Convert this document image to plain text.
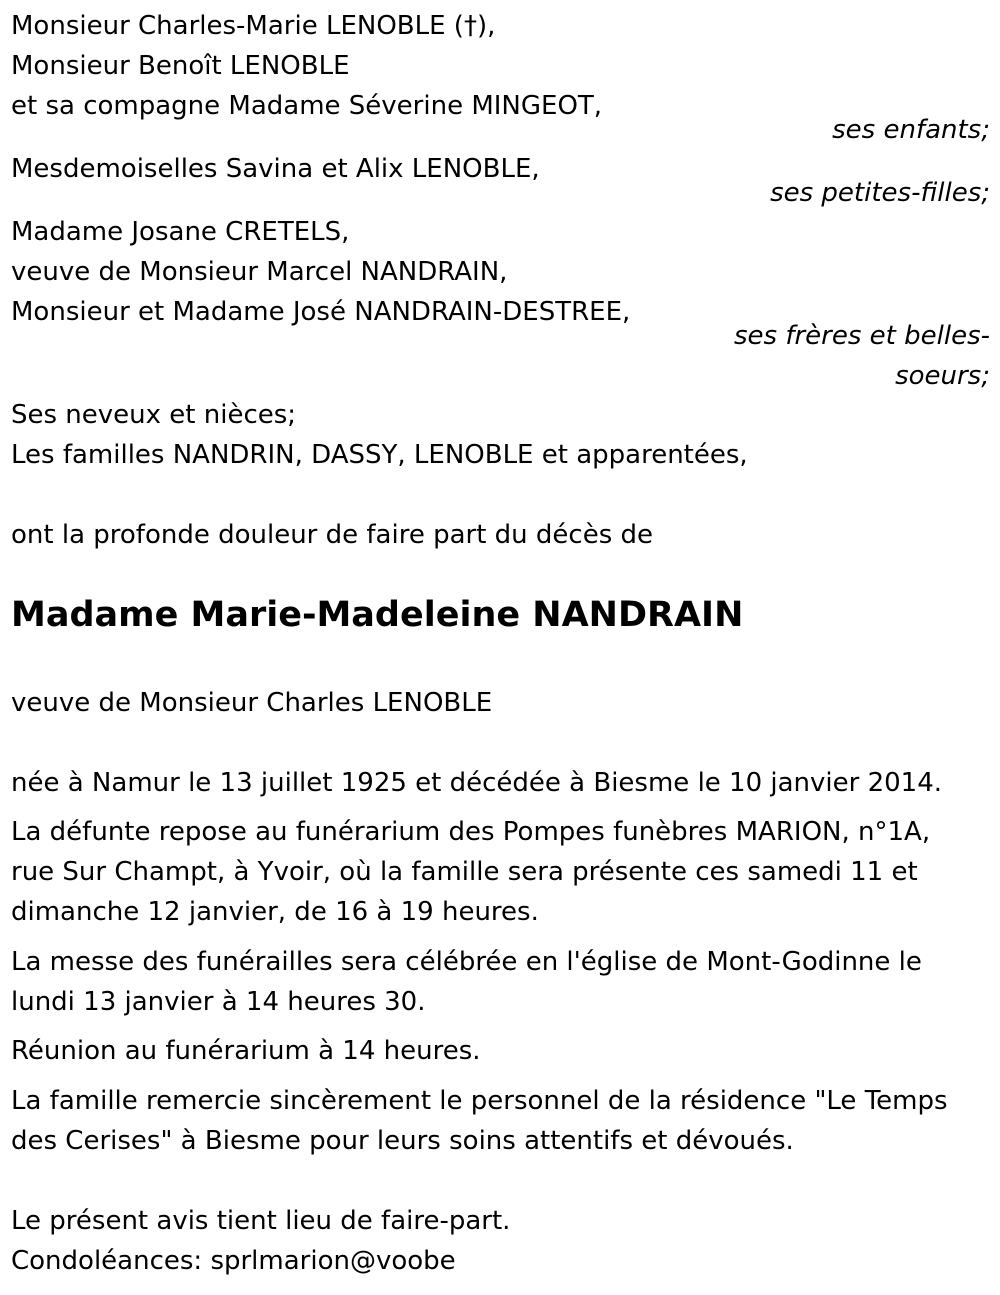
Monsieur Charles-Marie LENOBLE (†),
Monsieur Benoît LENOBLE
et sa compagne Madame Séverine MINGEOT,
ses enfants;
Mesdemoiselles Savina et Alix LENOBLE,
ses petites-filles;
Madame Josane CRETELS,
veuve de Monsieur Marcel NANDRAIN,
Monsieur et Madame José NANDRAIN-DESTREE,
ses frères et belles-
soeurs;
Ses neveux et nièces;
Les familles NANDRIN, DASSY, LENOBLE et apparentées,
ont la profonde douleur de faire part du décès de
Madame Marie-Madeleine NANDRAIN
veuve de Monsieur Charles LENOBLE
née à Namur le 13 juillet 1925 et décédée à Biesme le 10 janvier 2014.
La défunte repose au funérarium des Pompes funèbres MARION, n°1A,
rue Sur Champt, à Yvoir, où la famille sera présente ces samedi 11 et
dimanche 12 janvier, de 16 à 19 heures.
La messe des funérailles sera célébrée en l'église de Mont-Godinne le
lundi 13 janvier à 14 heures 30.
Réunion au funérarium à 14 heures.
La famille remercie sincèrement le personnel de la résidence "Le Temps
des Cerises" à Biesme pour leurs soins attentifs et dévoués.
Le présent avis tient lieu de faire-part.
Condoléances: sprlmarion@voobe
